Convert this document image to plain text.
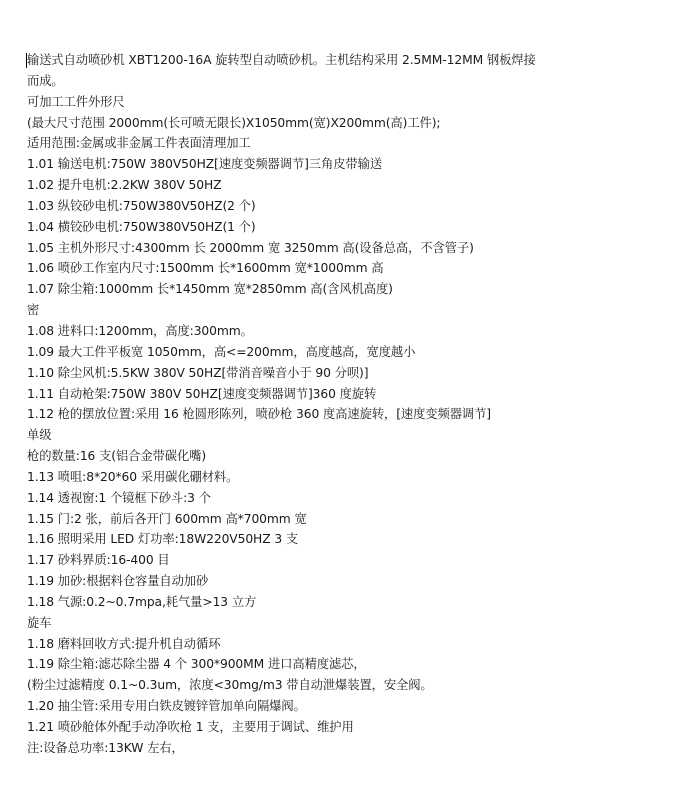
输送式自动喷砂机 XBT1200-16A 旋转型自动喷砂机。主机结构采用 2.5MM-12MM 钢板焊接
而成。
可加工工件外形尺
(最大尺寸范围 2000mm(长可喷无限长)X1050mm(宽)X200mm(高)工件);
适用范围:金属或非金属工件表面清理加工
1.01 输送电机:750W 380V50HZ[速度变频器调节]三角皮带输送
1.02 提升电机:2.2KW 380V 50HZ
1.03 纵铰砂电机:750W380V50HZ(2 个)
1.04 横铰砂电机:750W380V50HZ(1 个)
1.05 主机外形尺寸:4300mm 长 2000mm 宽 3250mm 高(设备总高，不含管子)
1.06 喷砂工作室内尺寸:1500mm 长*1600mm 宽*1000mm 高
1.07 除尘箱:1000mm 长*1450mm 宽*2850mm 高(含风机高度)
密
1.08 进料口:1200mm，高度:300mm。
1.09 最大工件平板宽 1050mm，高<=200mm，高度越高，宽度越小
1.10 除尘风机:5.5KW 380V 50HZ[带消音噪音小于 90 分呗)]
1.11 自动枪架:750W 380V 50HZ[速度变频器调节]360 度旋转
1.12 枪的摆放位置:采用 16 枪圆形陈列，喷砂枪 360 度高速旋转，[速度变频器调节]
单级
枪的数量:16 支(铝合金带碳化嘴)
1.13 喷咀:8*20*60 采用碳化硼材料。
1.14 透视窗:1 个镜框下砂斗:3 个
1.15 门:2 张，前后各开门 600mm 高*700mm 宽
1.16 照明采用 LED 灯功率:18W220V50HZ 3 支
1.17 砂料界质:16-400 目
1.19 加砂:根据料仓容量自动加砂
1.18 气源:0.2~0.7mpa,耗气量>13 立方
旋车
1.18 磨料回收方式:提升机自动循环
1.19 除尘箱:滤芯除尘器 4 个 300*900MM 进口高精度滤芯，
(粉尘过滤精度 0.1~0.3um，浓度<30mg/m3 带自动泄爆装置，安全阀。
1.20 抽尘管:采用专用白铁皮镀锌管加单向隔爆阀。
1.21 喷砂舱体外配手动净吹枪 1 支，主要用于调试、维护用
注:设备总功率:13KW 左右，
